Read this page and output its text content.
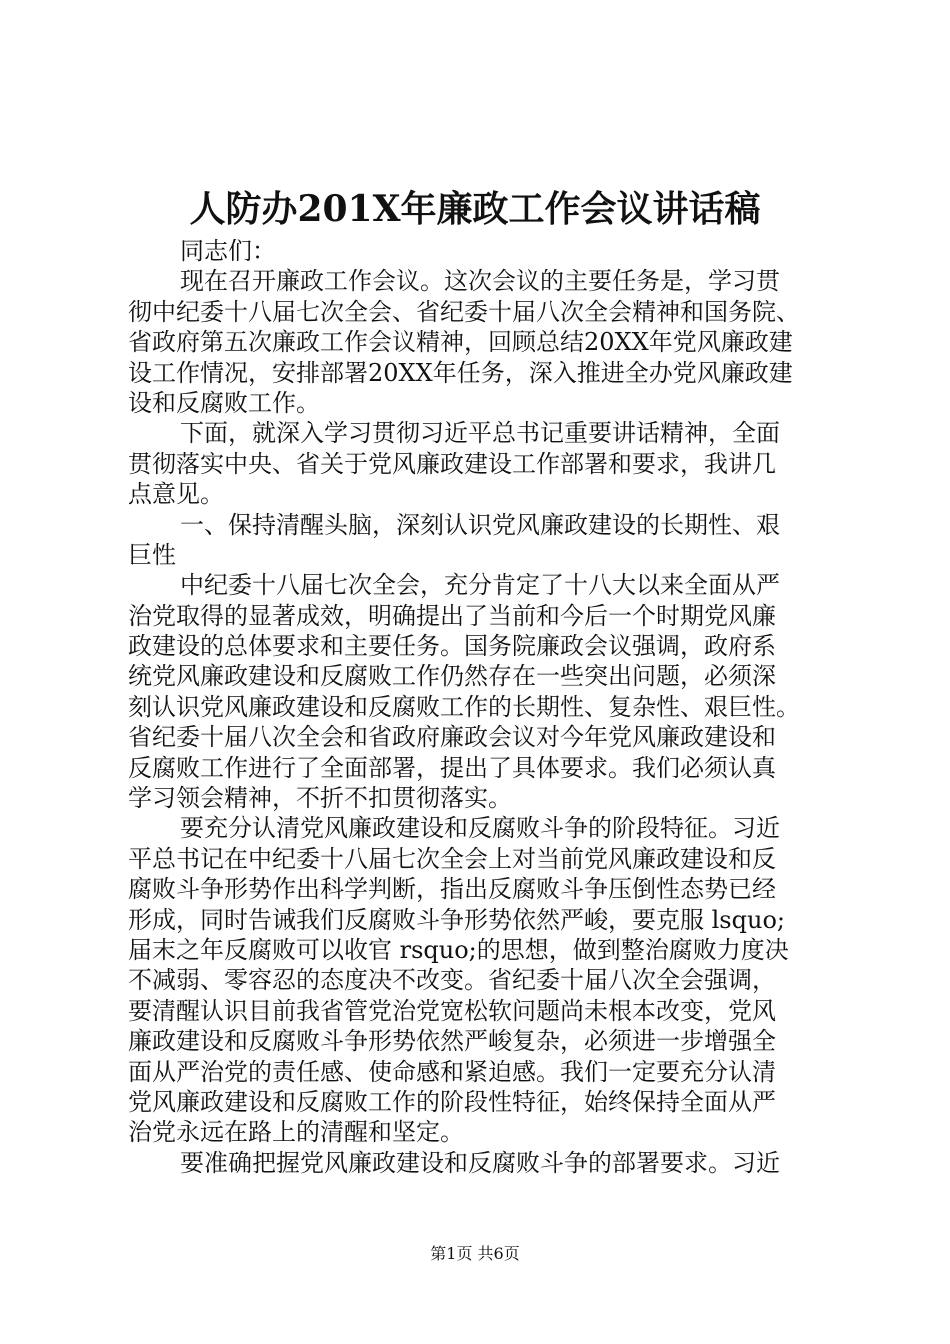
人防办201X年廉政工作会议讲话稿
同志们：
现在召开廉政工作会议。这次会议的主要任务是，学习贯
彻中纪委十八届七次全会、省纪委十届八次全会精神和国务院、
省政府第五次廉政工作会议精神，回顾总结20XX年党风廉政建
设工作情况，安排部署20XX年任务，深入推进全办党风廉政建
设和反腐败工作。
下面，就深入学习贯彻习近平总书记重要讲话精神，全面
贯彻落实中央、省关于党风廉政建设工作部署和要求，我讲几
点意见。
一、保持清醒头脑，深刻认识党风廉政建设的长期性、艰
巨性
中纪委十八届七次全会，充分肯定了十八大以来全面从严
治党取得的显著成效，明确提出了当前和今后一个时期党风廉
政建设的总体要求和主要任务。国务院廉政会议强调，政府系
统党风廉政建设和反腐败工作仍然存在一些突出问题，必须深
刻认识党风廉政建设和反腐败工作的长期性、复杂性、艰巨性。
省纪委十届八次全会和省政府廉政会议对今年党风廉政建设和
反腐败工作进行了全面部署，提出了具体要求。我们必须认真
学习领会精神，不折不扣贯彻落实。
要充分认清党风廉政建设和反腐败斗争的阶段特征。习近
平总书记在中纪委十八届七次全会上对当前党风廉政建设和反
腐败斗争形势作出科学判断，指出反腐败斗争压倒性态势已经
形成，同时告诫我们反腐败斗争形势依然严峻，要克服 lsquo;
届末之年反腐败可以收官 rsquo;的思想，做到整治腐败力度决
不减弱、零容忍的态度决不改变。省纪委十届八次全会强调，
要清醒认识目前我省管党治党宽松软问题尚未根本改变，党风
廉政建设和反腐败斗争形势依然严峻复杂，必须进一步增强全
面从严治党的责任感、使命感和紧迫感。我们一定要充分认清
党风廉政建设和反腐败工作的阶段性特征，始终保持全面从严
治党永远在路上的清醒和坚定。
要准确把握党风廉政建设和反腐败斗争的部署要求。习近
第1页 共6页
